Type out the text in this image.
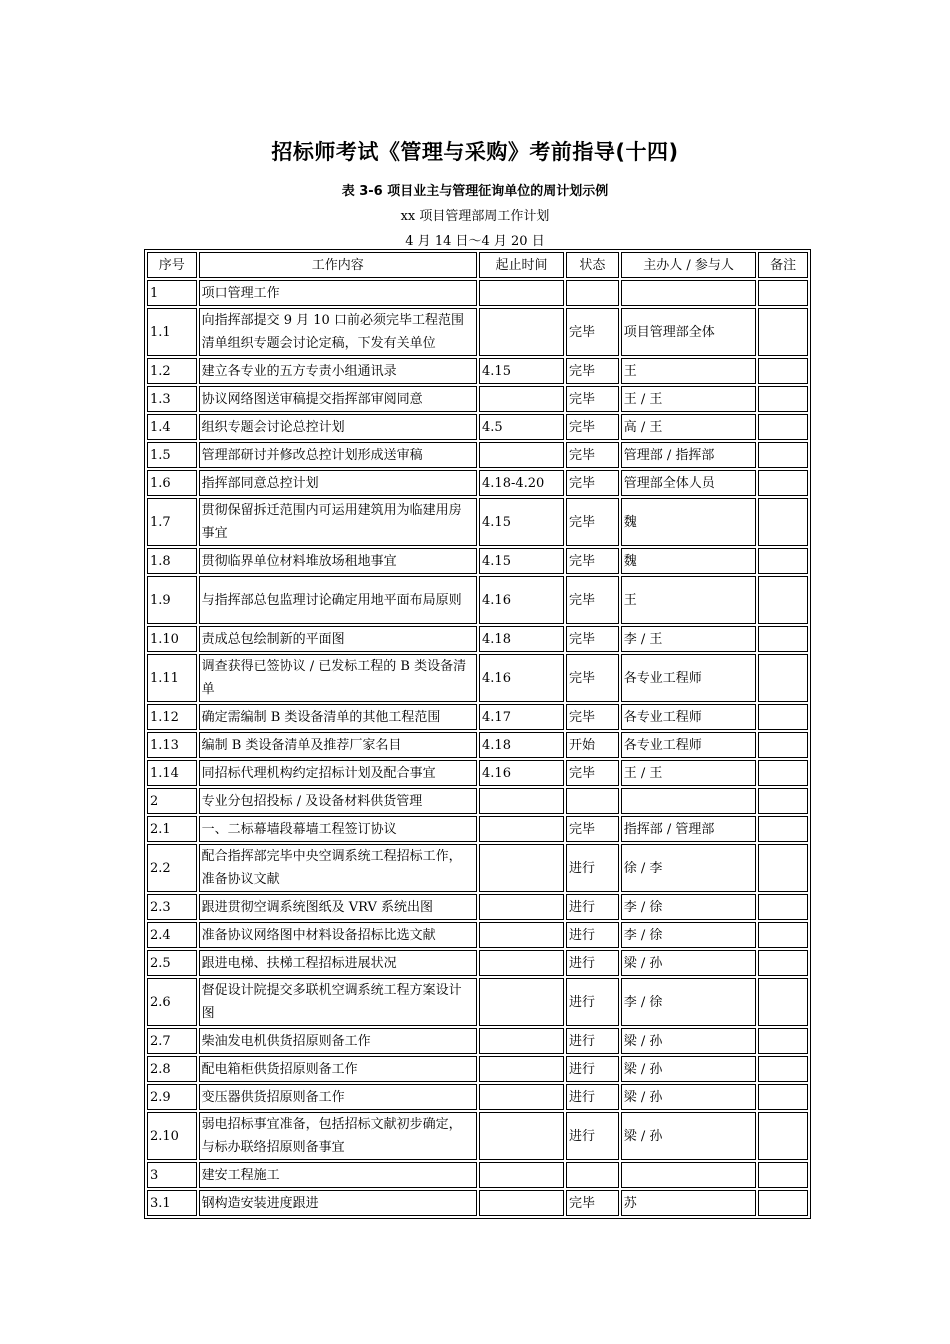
招标师考试《管理与采购》考前指导(十四)
表 3-6 项目业主与管理征询单位的周计划示例
xx 项目管理部周工作计划
4 月 14 日～4 月 20 日
序号	工作内容	起止时间	状态	主办人 / 参与人	备注
1	项口管理工作				
1.1	向指挥部提交 9 月 10 口前必须完毕工程范围清单组织专题会讨论定稿，下发有关单位		完毕	项目管理部全体	
1.2	建立各专业的五方专责小组通讯录	4.15	完毕	王	
1.3	协议网络图送审稿提交指挥部审阅同意		完毕	王 / 王	
1.4	组织专题会讨论总控计划	4.5	完毕	高 / 王	
1.5	管理部研讨并修改总控计划形成送审稿		完毕	管理部 / 指挥部	
1.6	指挥部同意总控计划	4.18-4.20	完毕	管理部全体人员	
1.7	贯彻保留拆迁范围内可运用建筑用为临建用房事宜	4.15	完毕	魏	
1.8	贯彻临界单位材料堆放场租地事宜	4.15	完毕	魏	
1.9	与指挥部总包监理讨论确定用地平面布局原则	4.16	完毕	王	
1.10	责成总包绘制新的平面图	4.18	完毕	李 / 王	
1.11	调查获得已签协议 / 已发标工程的 B 类设备清单	4.16	完毕	各专业工程师	
1.12	确定需编制 B 类设备清单的其他工程范围	4.17	完毕	各专业工程师	
1.13	编制 B 类设备清单及推荐厂家名目	4.18	开始	各专业工程师	
1.14	同招标代理机构约定招标计划及配合事宜	4.16	完毕	王 / 王	
2	专业分包招投标 / 及设备材料供货管理				
2.1	一、二标幕墙段幕墙工程签订协议		完毕	指挥部 / 管理部	
2.2	配合指挥部完毕中央空调系统工程招标工作，准备协议文献		进行	徐 / 李	
2.3	跟进贯彻空调系统图纸及 VRV 系统出图		进行	李 / 徐	
2.4	准备协议网络图中材料设备招标比选文献		进行	李 / 徐	
2.5	跟进电梯、扶梯工程招标进展状况		进行	梁 / 孙	
2.6	督促设计院提交多联机空调系统工程方案设计图		进行	李 / 徐	
2.7	柴油发电机供货招原则备工作		进行	梁 / 孙	
2.8	配电箱柜供货招原则备工作		进行	梁 / 孙	
2.9	变压器供货招原则备工作		进行	梁 / 孙	
2.10	弱电招标事宜准备，包括招标文献初步确定，与标办联络招原则备事宜		进行	梁 / 孙	
3	建安工程施工				
3.1	钢构造安装进度跟进		完毕	苏	
